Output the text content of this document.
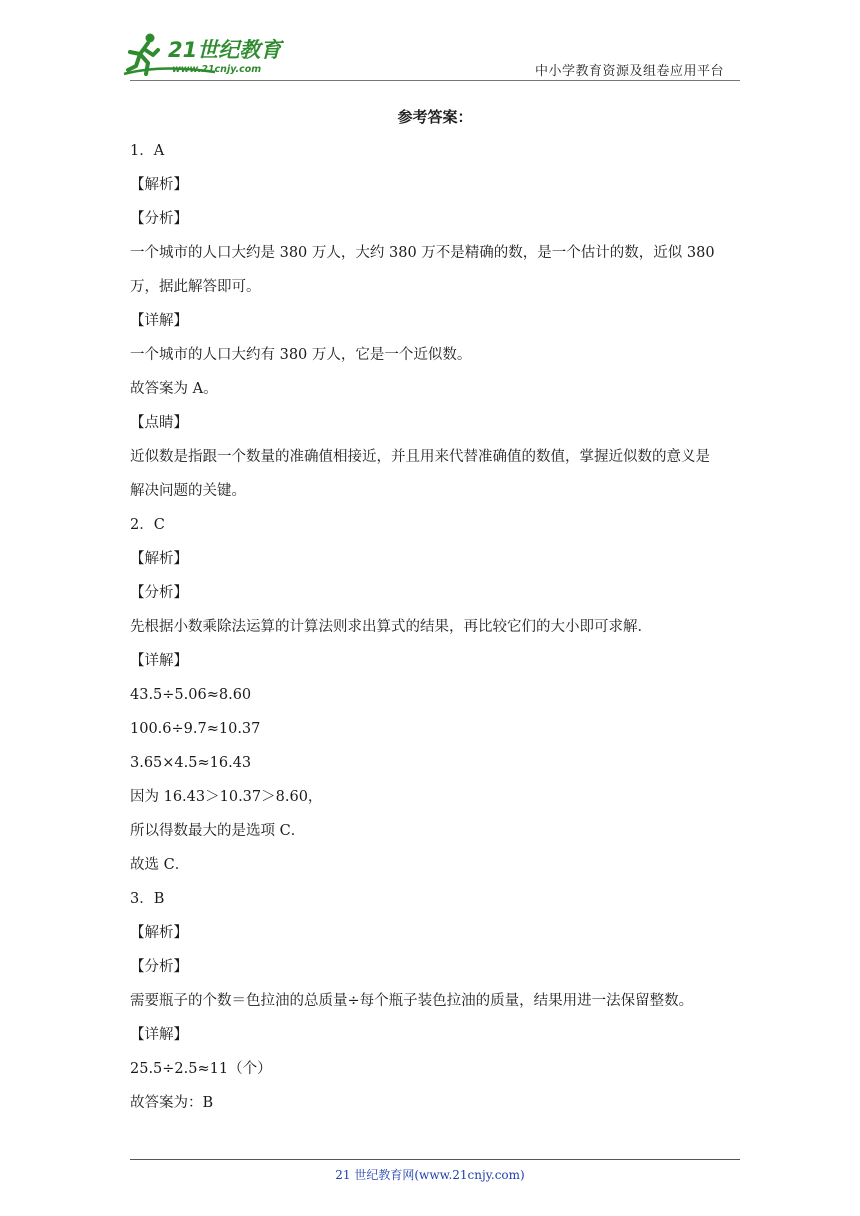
21世纪教育
www.21cnjy.com	中小学教育资源及组卷应用平台
参考答案：
1．A
【解析】
【分析】
一个城市的人口大约是 380 万人，大约 380 万不是精确的数，是一个估计的数，近似 380
万，据此解答即可。
【详解】
一个城市的人口大约有 380 万人，它是一个近似数。
故答案为 A。
【点睛】
近似数是指跟一个数量的准确值相接近，并且用来代替准确值的数值，掌握近似数的意义是
解决问题的关键。
2．C
【解析】
【分析】
先根据小数乘除法运算的计算法则求出算式的结果，再比较它们的大小即可求解．
【详解】
43.5÷5.06≈8.60
100.6÷9.7≈10.37
3.65×4.5≈16.43
因为 16.43＞10.37＞8.60，
所以得数最大的是选项 C．
故选 C．
3．B
【解析】
【分析】
需要瓶子的个数＝色拉油的总质量÷每个瓶子装色拉油的质量，结果用进一法保留整数。
【详解】
25.5÷2.5≈11（个）
故答案为：B
21 世纪教育网(www.21cnjy.com)
